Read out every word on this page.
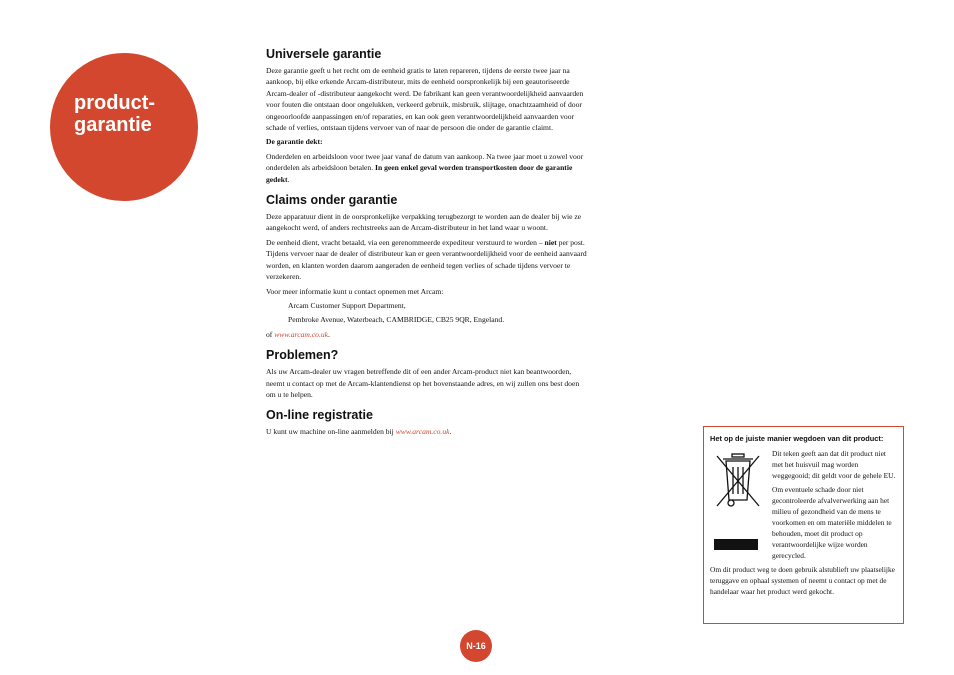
product-
garantie
Universele garantie

Deze garantie geeft u het recht om de eenheid gratis te laten repareren, tijdens de eerste twee jaar na aankoop, bij elke erkende Arcam-distributeur, mits de eenheid oorspronkelijk bij een geautoriseerde Arcam-dealer of -distributeur aangekocht werd. De fabrikant kan geen verantwoordelijkheid aanvaarden voor fouten die ontstaan door ongelukken, verkeerd gebruik, misbruik, slijtage, onachtzaamheid of door ongeoorloofde aanpassingen en/of reparaties, en kan ook geen verantwoordelijkheid aanvaarden voor schade of verlies, ontstaan tijdens vervoer van of naar de persoon die onder de garantie claimt.

De garantie dekt:

Onderdelen en arbeidsloon voor twee jaar vanaf de datum van aankoop. Na twee jaar moet u zowel voor onderdelen als arbeidsloon betalen. In geen enkel geval worden transportkosten door de garantie gedekt.

Claims onder garantie

Deze apparatuur dient in de oorspronkelijke verpakking terugbezorgt te worden aan de dealer bij wie ze aangekocht werd, of anders rechtstreeks aan de Arcam-distributeur in het land waar u woont.

De eenheid dient, vracht betaald, via een gerenommeerde expediteur verstuurd te worden – niet per post. Tijdens vervoer naar de dealer of distributeur kan er geen verantwoordelijkheid voor de eenheid aanvaard worden, en klanten worden daarom aangeraden de eenheid tegen verlies of schade tijdens vervoer te verzekeren.

Voor meer informatie kunt u contact opnemen met Arcam:

Arcam Customer Support Department,

Pembroke Avenue, Waterbeach, CAMBRIDGE, CB25 9QR, Engeland.

of www.arcam.co.uk.

Problemen?

Als uw Arcam-dealer uw vragen betreffende dit of een ander Arcam-product niet kan beantwoorden, neemt u contact op met de Arcam-klantendienst op het bovenstaande adres, en wij zullen ons best doen om u te helpen.

On-line registratie

U kunt uw machine on-line aanmelden bij www.arcam.co.uk.

Het op de juiste manier wegdoen van dit product:

Dit teken geeft aan dat dit product niet met het huisvuil mag worden weggegooid; dit geldt voor de gehele EU.

Om eventuele schade door niet gecontroleerde afvalverwerking aan het milieu of gezondheid van de mens te voorkomen en om materiële middelen te behouden, moet dit product op verantwoordelijke wijze worden gerecycled.

Om dit product weg te doen gebruik alstublieft uw plaatselijke teruggave en ophaal systemen of neemt u contact op met de handelaar waar het product werd gekocht.

N-16
